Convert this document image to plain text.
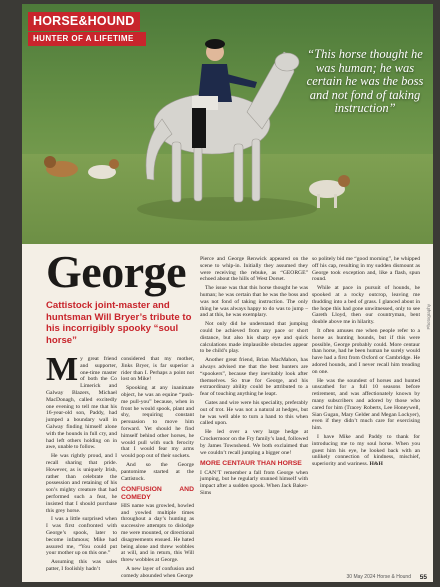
HORSE&HOUND
HUNTER OF A LIFETIME
“This horse thought he was human; he was certain he was the boss and not fond of taking instruction”
Photography
George
Cattistock joint-master and huntsman Will Bryer’s tribute to his incorrigibly spooky “soul horse”

My great friend and supporter, one-time master of both the Co Limerick and Galway Blazers, Michael MacDonagh, called excitedly one evening to tell me that his 16-year-old son, Paddy, had jumped a boundary wall in Galway finding himself alone with the hounds in full cry, and had left others holding on in awe, unable to follow.

He was rightly proud, and I recall sharing that pride. However, as is uniquely Irish, rather than celebrate the possession and retaining of his son’s mighty creature that had performed such a feat, he insisted that I should purchase this grey horse.

I was a little surprised when I was first confronted with George’s spook, later to become infamous; Mike had assured me, “You could put your mother up on this one.”

Assuming this was sales patter, I foolishly hadn’t

considered that my mother, Jinks Bryer, is far superior a rider than I. Perhaps a point not lost on Mike!

Spooking at any inanimate object, he was an equine “push-me pull-you” because, when in front he would spook, plant and shy, requiring constant persuasion to move him forward. Yet should he find himself behind other horses, he would pull with such ferocity that I would fear my arms would pop out of their sockets.

And so the George pantomime started at the Cattistock.

CONFUSION AND COMEDY

HIS name was growled, howled and yowled multiple times throughout a day’s hunting as successive attempts to dislodge me were mounted, or directional disagreements ensued. He hated being alone and threw wobbles at will, and in return, this Will threw wobbles at George.

A new layer of confusion and comedy abounded when George

Pierce and George Renwick appeared on the scene to whip-in. Initially they assumed they were receiving the rebuke, as “GEORGE” echoed about the hills of West Dorset.

The issue was that this horse thought he was human; he was certain that he was the boss and was not fond of taking instruction. The only thing he was always happy to do was to jump – and at this, he was exemplary.

Not only did he understand that jumping could be achieved from any pace or short distance, but also his sharp eye and quick calculations made implausible obstacles appear to be child’s play.

Another great friend, Brian MacMahon, has always advised me that the best hunters are “spookers”, because they inevitably look after themselves. So true for George, and his extraordinary ability could be attributed to a fear of touching anything he leapt.

Gates and wire were his speciality, preferably out of trot. He was not a natural at hedges, but he was well able to turn a hand to this when called upon.

He led over a very large hedge at Crockermoor on the Fry family’s land, followed by James Townshend. We both exclaimed that we couldn’t recall jumping a bigger one!

MORE CENTAUR THAN HORSE

I CAN’T remember a fall from George when jumping, but he regularly stunned himself with impact after a sudden spook. When Jack Baker-Sims

so politely bid me “good morning”, he whipped off his cap, resulting in my sudden dismount as George took exception and, like a flash, spun round.

While at pace in pursuit of hounds, he spooked at a rocky outcrop, leaving me thudding into a bed of grass. I glanced about in the hope this had gone unwitnessed, only to see Gareth Lloyd, then our countryman, bent double above me in hilarity.

It often amuses me when people refer to a horse as hunting hounds, but if this were possible, George probably could. More centaur than horse, had he been human he surely would have had a first from Oxford or Cambridge. He adored hounds, and I never recall him treading on one.

He was the soundest of horses and hunted unscathed for a full 10 seasons before retirement, and was affectionately known by many subscribers and adored by those who cared for him (Tracey Roberts, Lee Honeywell, Sian Gugan, Mary Gelder and Megan Lockyer), even if they didn’t much care for exercising him.

I have Mike and Paddy to thank for introducing me to my soul horse. When you guest him his eye, he looked back with an unlikely connection of kindness, mischief, superiority and wariness. H&H

30 May 2024 Horse & Hound 55
